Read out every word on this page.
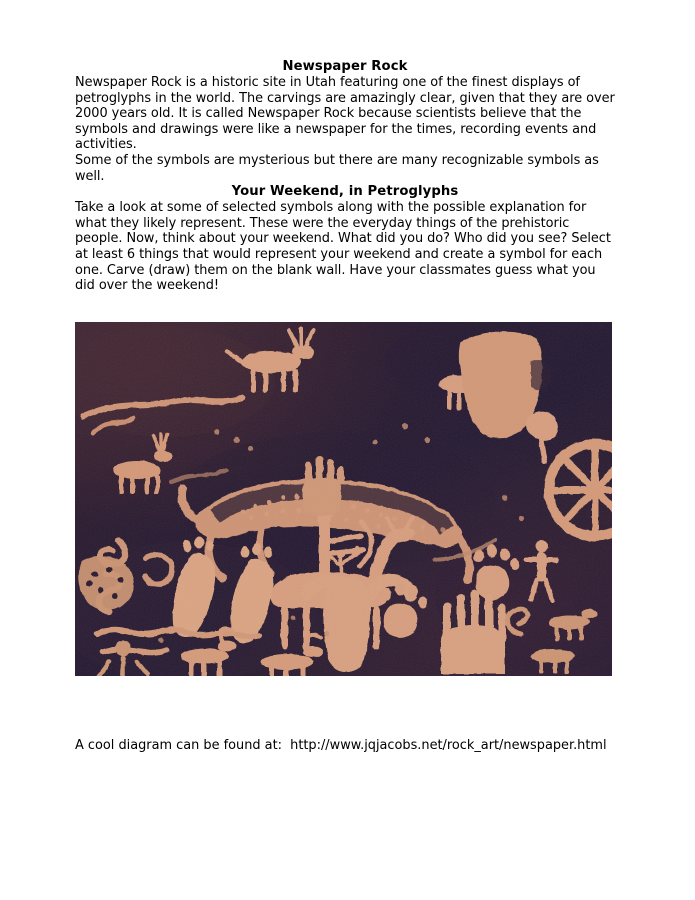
Newspaper Rock

Newspaper Rock is a historic site in Utah featuring one of the finest displays of petroglyphs in the world. The carvings are amazingly clear, given that they are over 2000 years old. It is called Newspaper Rock because scientists believe that the symbols and drawings were like a newspaper for the times, recording events and activities.

Some of the symbols are mysterious but there are many recognizable symbols as well.

Your Weekend, in Petroglyphs

Take a look at some of selected symbols along with the possible explanation for what they likely represent. These were the everyday things of the prehistoric people. Now, think about your weekend. What did you do? Who did you see? Select at least 6 things that would represent your weekend and create a symbol for each one. Carve (draw) them on the blank wall. Have your classmates guess what you did over the weekend!

A cool diagram can be found at:  http://www.jqjacobs.net/rock_art/newspaper.html
